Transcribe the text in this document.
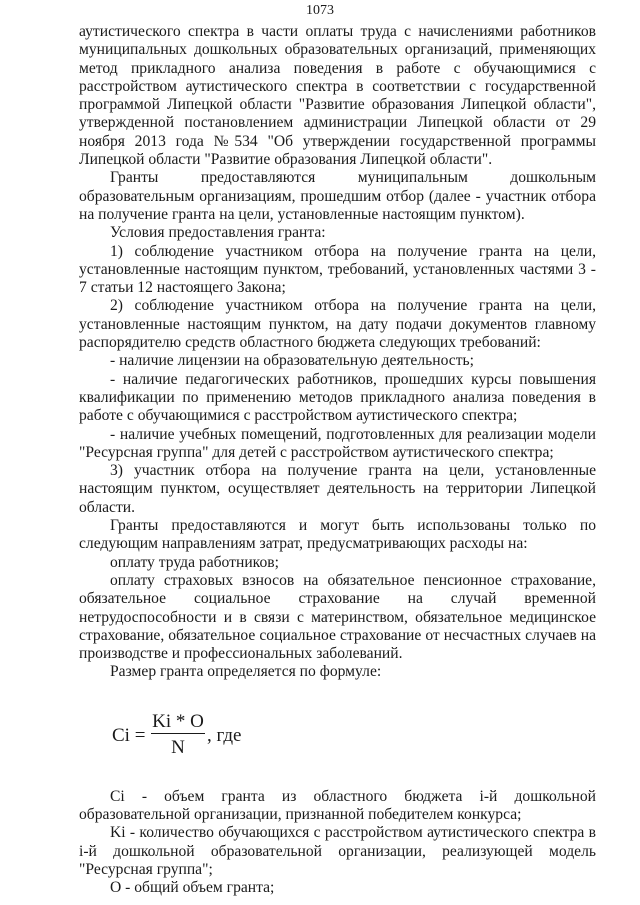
1073

аутистического спектра в части оплаты труда с начислениями работников муниципальных дошкольных образовательных организаций, применяющих метод прикладного анализа поведения в работе с обучающимися с расстройством аутистического спектра в соответствии с государственной программой Липецкой области "Развитие образования Липецкой области", утвержденной постановлением администрации Липецкой области от 29 ноября 2013 года №534 "Об утверждении государственной программы Липецкой области "Развитие образования Липецкой области".

Гранты предоставляются муниципальным дошкольным образовательным организациям, прошедшим отбор (далее - участник отбора на получение гранта на цели, установленные настоящим пунктом).

Условия предоставления гранта:

1) соблюдение участником отбора на получение гранта на цели, установленные настоящим пунктом, требований, установленных частями 3 - 7 статьи 12 настоящего Закона;

2) соблюдение участником отбора на получение гранта на цели, установленные настоящим пунктом, на дату подачи документов главному распорядителю средств областного бюджета следующих требований:

- наличие лицензии на образовательную деятельность;

- наличие педагогических работников, прошедших курсы повышения квалификации по применению методов прикладного анализа поведения в работе с обучающимися с расстройством аутистического спектра;

- наличие учебных помещений, подготовленных для реализации модели "Ресурсная группа" для детей с расстройством аутистического спектра;

3) участник отбора на получение гранта на цели, установленные настоящим пунктом, осуществляет деятельность на территории Липецкой области.

Гранты предоставляются и могут быть использованы только по следующим направлениям затрат, предусматривающих расходы на:

оплату труда работников;

оплату страховых взносов на обязательное пенсионное страхование, обязательное социальное страхование на случай временной нетрудоспособности и в связи с материнством, обязательное медицинское страхование, обязательное социальное страхование от несчастных случаев на производстве и профессиональных заболеваний.

Размер гранта определяется по формуле:

Ci =
Ki * O
N
, где

Ci - объем гранта из областного бюджета i-й дошкольной образовательной организации, признанной победителем конкурса;

Ki - количество обучающихся с расстройством аутистического спектра в i-й дошкольной образовательной организации, реализующей модель "Ресурсная группа";

O - общий объем гранта;
